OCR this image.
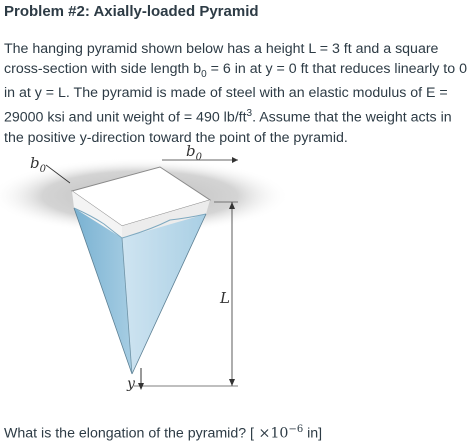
Problem #2: Axially-loaded Pyramid
The hanging pyramid shown below has a height L = 3 ft and a square cross-section with side length $b_0 = 6$ in at y = 0 ft that reduces linearly to 0 in at y = L. The pyramid is made of steel with an elastic modulus of E = 29000 ksi and unit weight of = 490 $lb/ft^3$. Assume that the weight acts in the positive y-direction toward the point of the pyramid.
$b_0$
$b_0$
L
y
What is the elongation of the pyramid? [ $\times 10^{-6}$ in]
